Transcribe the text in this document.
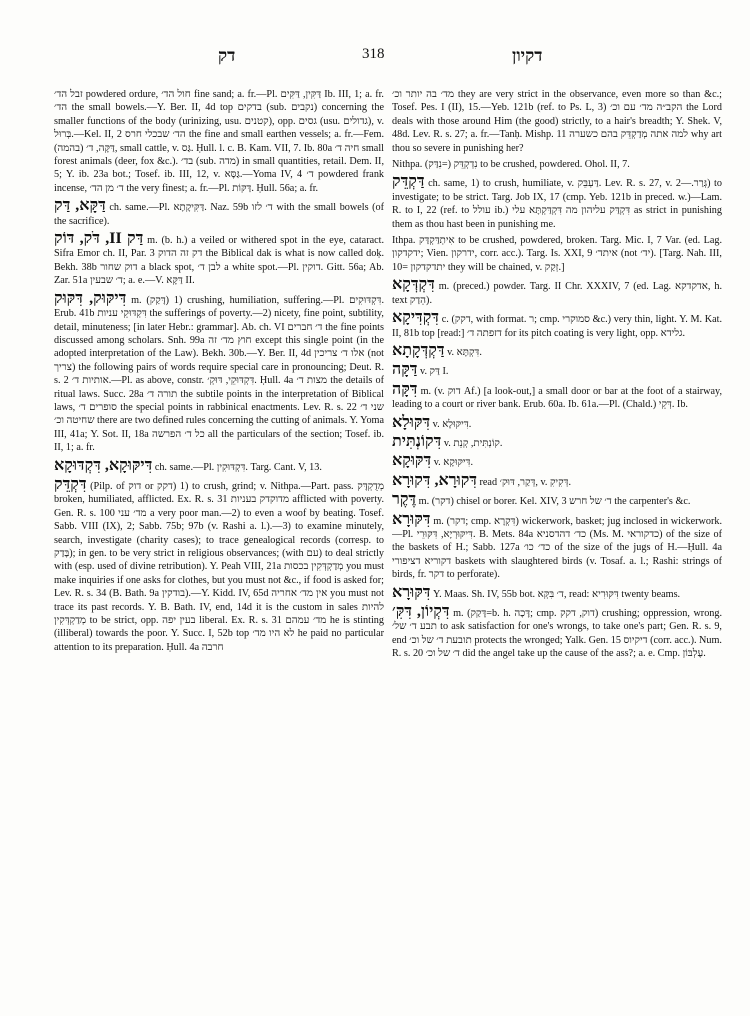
דק	318	דקיון

זבל הד׳ powdered ordure, חול הד׳ fine sand; a. fr.—Pl. דַּקִּין, דַּקִּים Ib. III, 1; a. fr. הד׳ the small bowels.—Y. Ber. II, 4d top בדקים (sub. נקבים) concerning the smaller functions of the body (urinizing, usu. קטנים), opp. גסים (usu. גדולים), v. בְּרוּל.—Kel. II, 2 הד׳ שבכלי חרס the fine and small earthen vessels; a. fr.—Fem. דַּקָּה, ד׳ (בהמה), small cattle, v. גַּס. Ḥull. l. c. B. Kam. VII, 7. Ib. 80a חיה ד׳ small forest animals (deer, fox &c.). בד׳ (sub. מדה) in small quantities, retail. Dem. II, 5; Y. ib. 23a bot.; Tosef. ib. III, 12, v. גַּסָּא.—Yoma IV, 4 ד׳ powdered frank incense, ד׳ מן הד׳ the very finest; a. fr.—Pl. דַּקּוֹת. Ḥull. 56a; a. fr.

דַּקָּא, דַּק ch. same.—Pl. דַּקִּיקָתָא. Naz. 59b ד׳ לזו with the small bowels (of the sacrifice).

דַּק II, דֹּק, דּוֹק m. (b. h.) a veiled or withered spot in the eye, cataract. Sifra Emor ch. II, Par. 3 דק זה הדוק the Biblical dak is what is now called doḳ. Bekh. 38b דוק שחור a black spot, לבן ד׳ a white spot.—Pl. דוקין. Gitt. 56a; Ab. Zar. 51a ד׳ שבעין; a. e.—V. דַּקָּא II.

דִּיקּוּק, דִּקּוּק m. (דָּקַק) 1) crushing, humiliation, suffering.—Pl. דִּקְדּוּקִים. Erub. 41b דִּקְדּוּקֵי עניות the sufferings of poverty.—2) nicety, fine point, subtility, detail, minuteness; [in later Hebr.: grammar]. Ab. ch. VI ד׳ חברים the fine points discussed among scholars. Snh. 99a חוץ מד׳ זה except this single point (in the adopted interpretation of the Law). Bekh. 30b.—Y. Ber. II, 4d אלו ד׳ צריכין (not צריך) the following pairs of words require special care in pronouncing; Deut. R. s. 2 אותיות ד׳.—Pl. as above, constr. דִּקְדּוּקֵי, דּוּקְ׳. Ḥull. 4a מצות ד׳ the details of ritual laws. Succ. 28a תורה ד׳ the subtile points in the interpretation of Biblical laws, סופרים ד׳ the special points in rabbinical enactments. Lev. R. s. 22 שני ד׳ שחיטה וכ׳ there are two defined rules concerning the cutting of animals. Y. Yoma III, 41a; Y. Sot. II, 18a כל ד׳ הפרשה all the particulars of the section; Tosef. ib. II, 1; a. fr.

דִּיקּוּקָא, דִּקְדּוּקָא ch. same.—Pl. דִּקְדּוּקִין. Targ. Cant. V, 13.

דִּקְדֵּק (Pilp. of דוק or דקק) 1) to crush, grind; v. Nithpa.—Part. pass. מְדֻקְדָּק broken, humiliated, afflicted. Ex. R. s. 31 מדוקדק בעניות afflicted with poverty. Gen. R. s. 100 מד׳ עני a very poor man.—2) to even a woof by beating. Tosef. Sabb. VIII (IX), 2; Sabb. 75b; 97b (v. Rashi a. l.).—3) to examine minutely, search, investigate (charity cases); to trace genealogical records (corresp. to בָּדַק); in gen. to be very strict in religious observances; (with עם) to deal strictly with (esp. used of divine retribution). Y. Peah VIII, 21a מְדַקְדְּקִין בכסות you must make inquiries if one asks for clothes, but you must not &c., if food is asked for; Lev. R. s. 34 (B. Bath. 9a בודקין).—Y. Kidd. IV, 65d אין מד׳ אחריה you must not trace its past records. Y. B. Bath. IV, end, 14d it is the custom in sales להיות מְדַקְדְּקִין to be strict, opp. בעין יפה liberal. Ex. R. s. 31 מד׳ עמהם he is stinting (illiberal) towards the poor. Y. Succ. I, 52b top לא היו מד׳ he paid no particular attention to its preparation. Ḥull. 4a חרבה

מד׳ בה יותר וכ׳ they are very strict in the observance, even more so than &c.; Tosef. Pes. I (II), 15.—Yeb. 121b (ref. to Ps. L, 3) הקב״ה מד׳ עם וכ׳ the Lord deals with those around Him (the good) strictly, to a hair's breadth; Y. Shek. V, 48d. Lev. R. s. 27; a. fr.—Tanḥ. Mishp. 11 למה אתה מְדַקְדֵּק בהם כשערה why art thou so severe in punishing her?

Nithpa. נִדְקְדֵּק (=נִדַּק) to be crushed, powdered. Ohol. II, 7.

דַּקְדֵּק ch. same, 1) to crush, humiliate, v. דַּעְבֵּק. Lev. R. s. 27, v. גְּרַר.—2) to investigate; to be strict. Targ. Job IX, 17 (cmp. Yeb. 121b in preced. w.)—Lam. R. to I, 22 (ref. to עולל ib.) דִּקְדַּק עליהון מה דִּקְדַּקְתָּא עלי as strict in punishing them as thou hast been in punishing me.

Ithpa. אִיתְדַּקְדַּק to be crushed, powdered, broken. Targ. Mic. I, 7 Var. (ed. Lag. ידקדקון; Vien. ידרקון, corr. acc.). Targ. Is. XXI, 9 איתד׳ (not יד׳). [Targ. Nah. III, 10= יתדקדקון they will be chained, v. זְקַק.]

דִּקְדְּקָא m. (preced.) powder. Targ. II Chr. XXXIV, 7 (ed. Lag. אדקדקא, h. text הֵדַק).

דִּקְדִּיקָא c. (דקק, with format. ר; cmp. סמוקרי &c.) very thin, light. Y. M. Kat. II, 81b top [read:] דזפתה ד׳ for its pitch coating is very light, opp. גלידא.

דַּקְדְּקָתָא v. דִּקְתָּא.

דַּקָּה v. דַּק I.

דִּקָּה m. (v. דוק Af.) [a look-out,] a small door or bar at the foot of a stairway, leading to a court or river bank. Erub. 60a. Ib. 61a.—Pl. (Chald.) דְּקֵי. Ib.

דִּקּוּלָא v. דִּיקּוּלָא.

דִּקוֹנְתִּית v. קוֹנְתִּית, קְנֵת.

דִּקּוּקָא v. דִּיקּוּקָא.

דִּקוּרָא, דִּקוּרָא read דְּקַר, דּוּק׳, v. דְּקִיקִ.

דֶּקֶר m. (דקר) chisel or borer. Kel. XIV, 3 ד׳ של חרש the carpenter's &c.

דִּקּוּרָא m. (דקר; cmp. דִּקְרָא) wickerwork, basket; jug inclosed in wickerwork.—Pl. דִּיקּוּרְיָא, דִּקּוּרֵי. B. Mets. 84a כד׳ דהדסניא (Ms. M. כדקוראי) of the size of the baskets of H.; Sabb. 127a כד׳ כו׳ of the size of the jugs of H.—Ḥull. 4a דקוריא דציפורי baskets with slaughtered birds (v. Tosaf. a. l.; Rashi: strings of birds, fr. דקר to perforate).

דִּקּוּרָא Y. Maas. Sh. IV, 55b bot. ד׳ בִּקְּא, read: דִּקּוּרִיא twenty beams.

דִּקְיוֹן, דִּקִּ׳ m. (דָּקַק=b. h. דָּכָה; cmp. דוק, דקק) crushing; oppression, wrong. תבע ד׳ של׳ to ask satisfaction for one's wrongs, to take one's part; Gen. R. s. 9, end תובעת ד׳ של וכ׳ protects the wronged; Yalk. Gen. 15 דיקיוס (corr. acc.). Num. R. s. 20 ד׳ של וכ׳ did the angel take up the cause of the ass?; a. e. Cmp. עֶלְבּוֹן.
